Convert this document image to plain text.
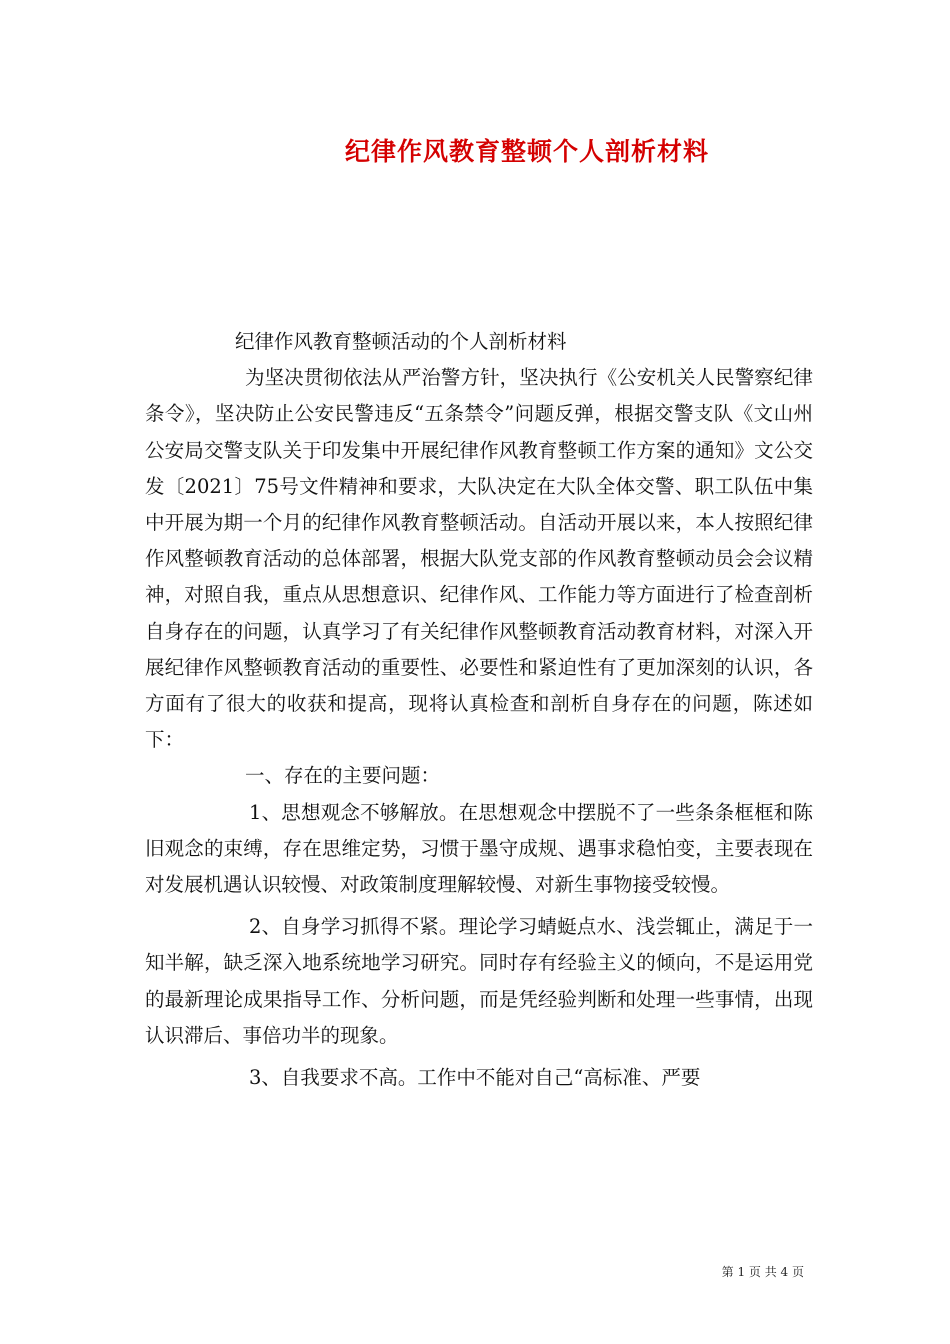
纪律作风教育整顿个人剖析材料

纪律作风教育整顿活动的个人剖析材料

为坚决贯彻依法从严治警方针，坚决执行《公安机关人民警察纪律条令》，坚决防止公安民警违反“五条禁令”问题反弹，根据交警支队《文山州公安局交警支队关于印发集中开展纪律作风教育整顿工作方案的通知》文公交发〔2021〕75号文件精神和要求，大队决定在大队全体交警、职工队伍中集中开展为期一个月的纪律作风教育整顿活动。自活动开展以来，本人按照纪律作风整顿教育活动的总体部署，根据大队党支部的作风教育整顿动员会会议精神，对照自我，重点从思想意识、纪律作风、工作能力等方面进行了检查剖析自身存在的问题，认真学习了有关纪律作风整顿教育活动教育材料，对深入开展纪律作风整顿教育活动的重要性、必要性和紧迫性有了更加深刻的认识，各方面有了很大的收获和提高，现将认真检查和剖析自身存在的问题，陈述如下：

一、存在的主要问题：

1、思想观念不够解放。在思想观念中摆脱不了一些条条框框和陈旧观念的束缚，存在思维定势，习惯于墨守成规、遇事求稳怕变，主要表现在对发展机遇认识较慢、对政策制度理解较慢、对新生事物接受较慢。

2、自身学习抓得不紧。理论学习蜻蜓点水、浅尝辄止，满足于一知半解，缺乏深入地系统地学习研究。同时存有经验主义的倾向，不是运用党的最新理论成果指导工作、分析问题，而是凭经验判断和处理一些事情，出现认识滞后、事倍功半的现象。

3、自我要求不高。工作中不能对自己“高标准、严要

第 1 页 共 4 页
